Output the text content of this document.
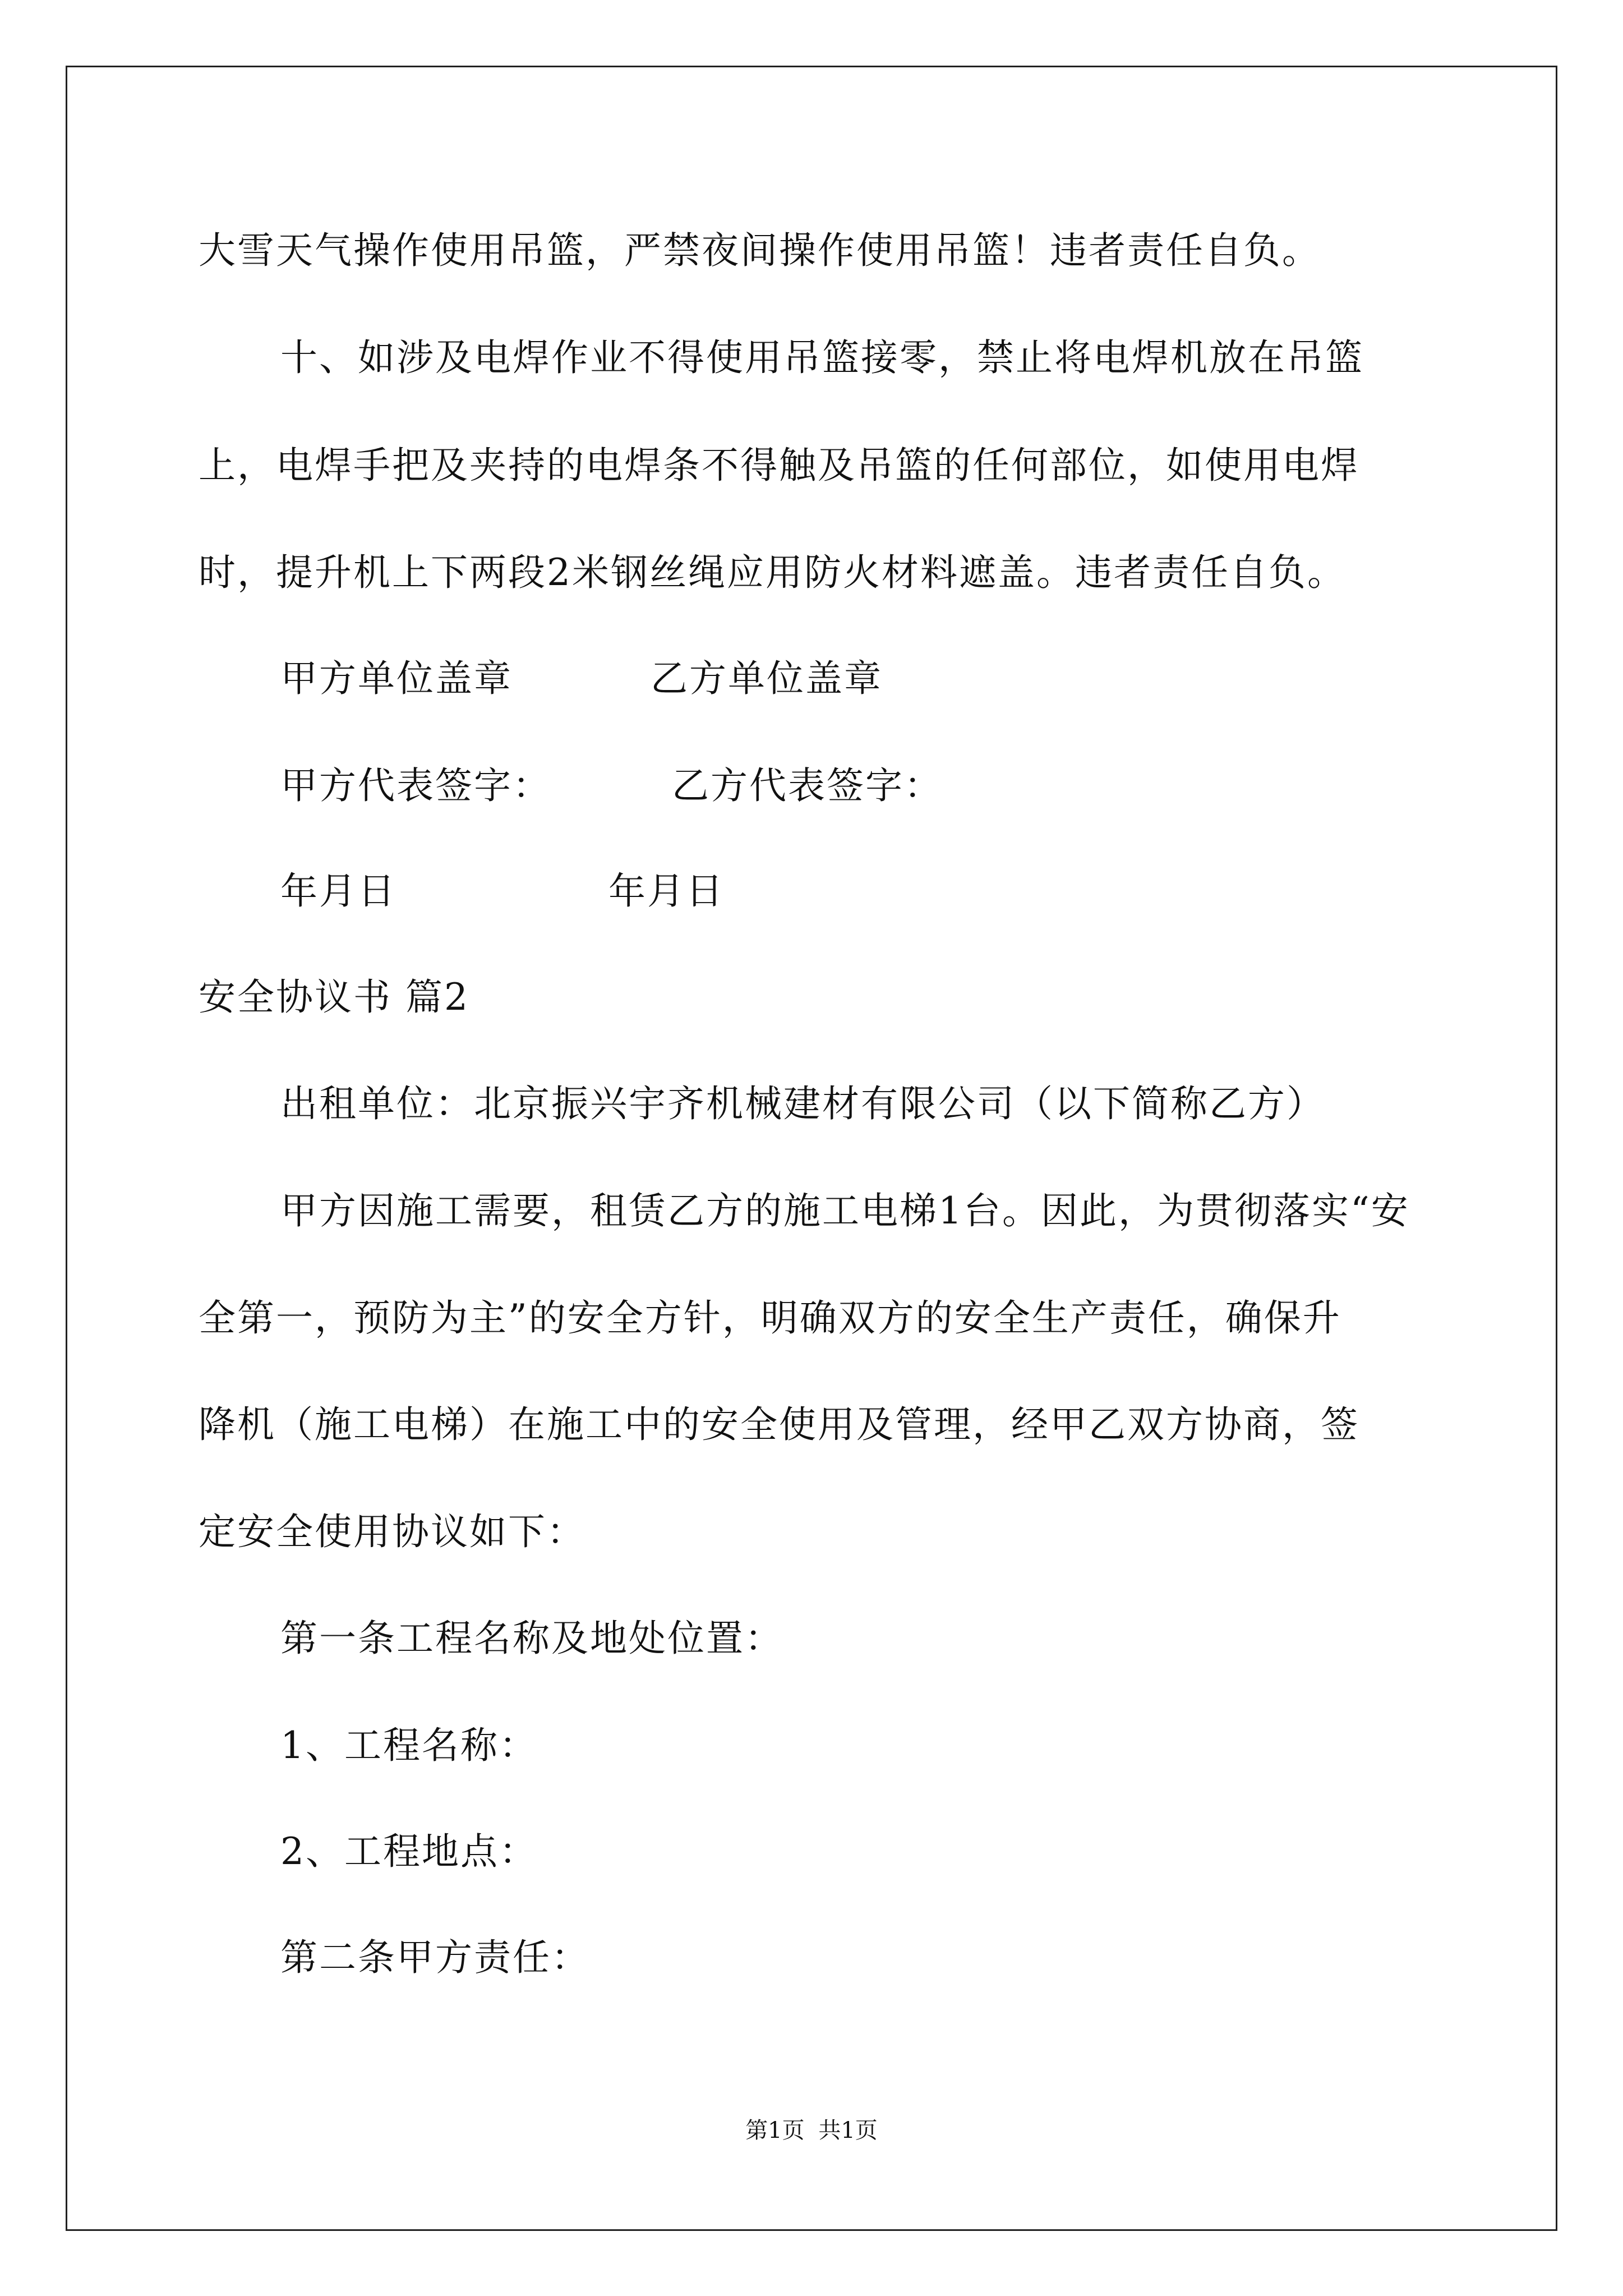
大雪天气操作使用吊篮，严禁夜间操作使用吊篮！违者责任自负。
十、如涉及电焊作业不得使用吊篮接零，禁止将电焊机放在吊篮
上，电焊手把及夹持的电焊条不得触及吊篮的任何部位，如使用电焊
时，提升机上下两段2米钢丝绳应用防火材料遮盖。违者责任自负。
甲方单位盖章	乙方单位盖章
甲方代表签字：	乙方代表签字：
年月日	年月日
安全协议书 篇2
出租单位：北京振兴宇齐机械建材有限公司（以下简称乙方）
甲方因施工需要，租赁乙方的施工电梯1台。因此，为贯彻落实“安
全第一，预防为主”的安全方针，明确双方的安全生产责任，确保升
降机（施工电梯）在施工中的安全使用及管理，经甲乙双方协商，签
定安全使用协议如下：
第一条工程名称及地处位置：
1、工程名称：
2、工程地点：
第二条甲方责任：
第1页 共1页
